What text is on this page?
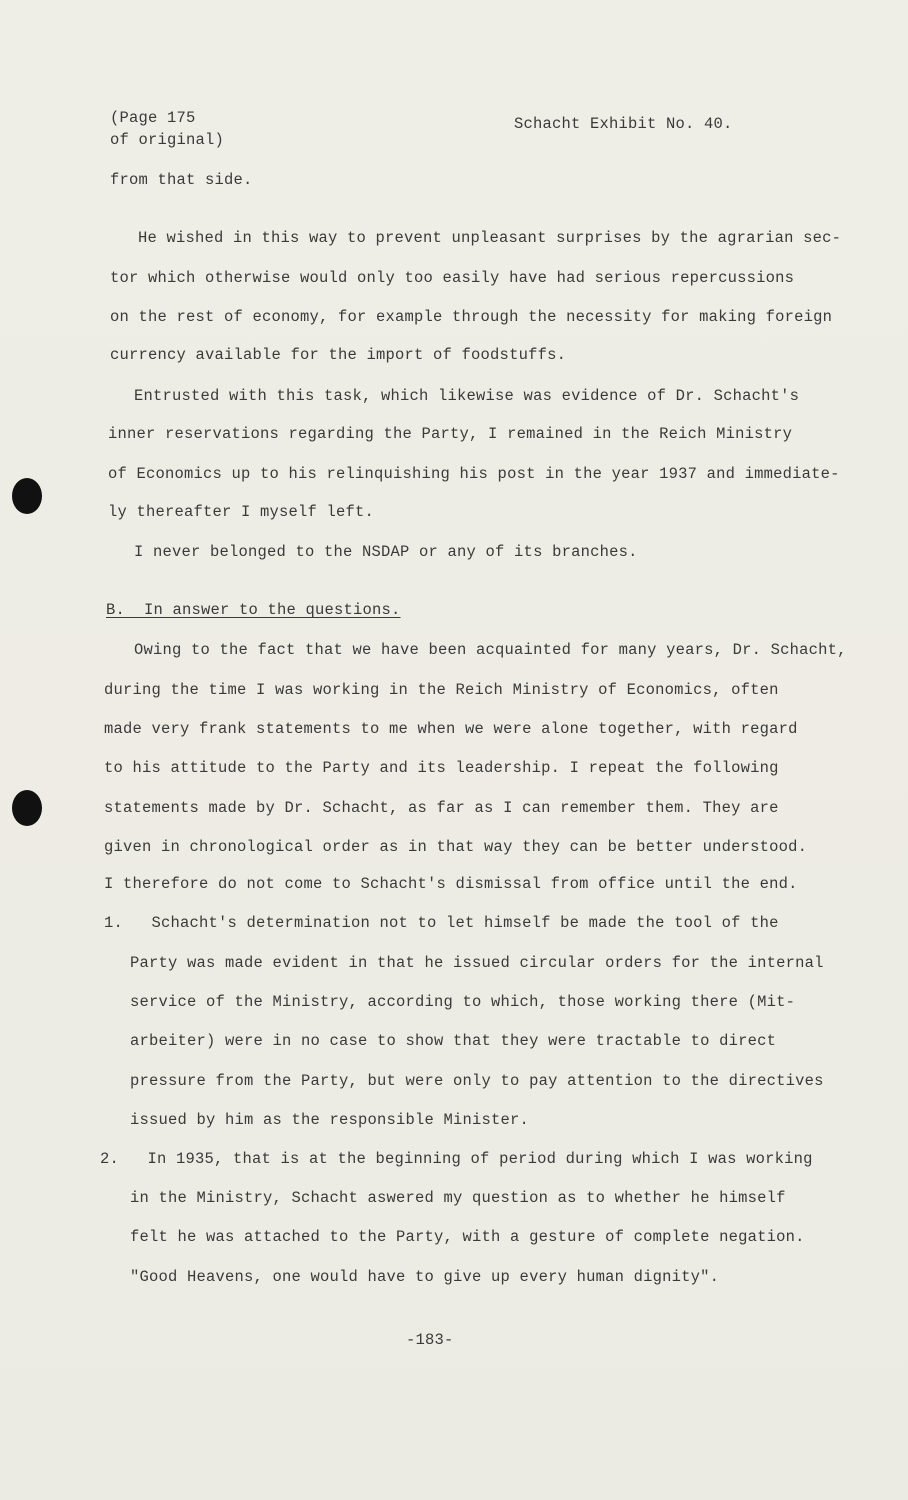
(Page 175
of original)
Schacht Exhibit No. 40.
from that side.
He wished in this way to prevent unpleasant surprises by the agrarian sec-
tor which otherwise would only too easily have had serious repercussions
on the rest of economy, for example through the necessity for making foreign
currency available for the import of foodstuffs.
Entrusted with this task, which likewise was evidence of Dr. Schacht's
inner reservations regarding the Party, I remained in the Reich Ministry
of Economics up to his relinquishing his post in the year 1937 and immediate-
ly thereafter I myself left.
I never belonged to the NSDAP or any of its branches.
B.  In answer to the questions.
Owing to the fact that we have been acquainted for many years, Dr. Schacht,
during the time I was working in the Reich Ministry of Economics, often
made very frank statements to me when we were alone together, with regard
to his attitude to the Party and its leadership. I repeat the following
statements made by Dr. Schacht, as far as I can remember them. They are
given in chronological order as in that way they can be better understood.
I therefore do not come to Schacht's dismissal from office until the end.
1.   Schacht's determination not to let himself be made the tool of the
Party was made evident in that he issued circular orders for the internal
service of the Ministry, according to which, those working there (Mit-
arbeiter) were in no case to show that they were tractable to direct
pressure from the Party, but were only to pay attention to the directives
issued by him as the responsible Minister.
2.   In 1935, that is at the beginning of period during which I was working
in the Ministry, Schacht aswered my question as to whether he himself
felt he was attached to the Party, with a gesture of complete negation.
"Good Heavens, one would have to give up every human dignity".
-183-
